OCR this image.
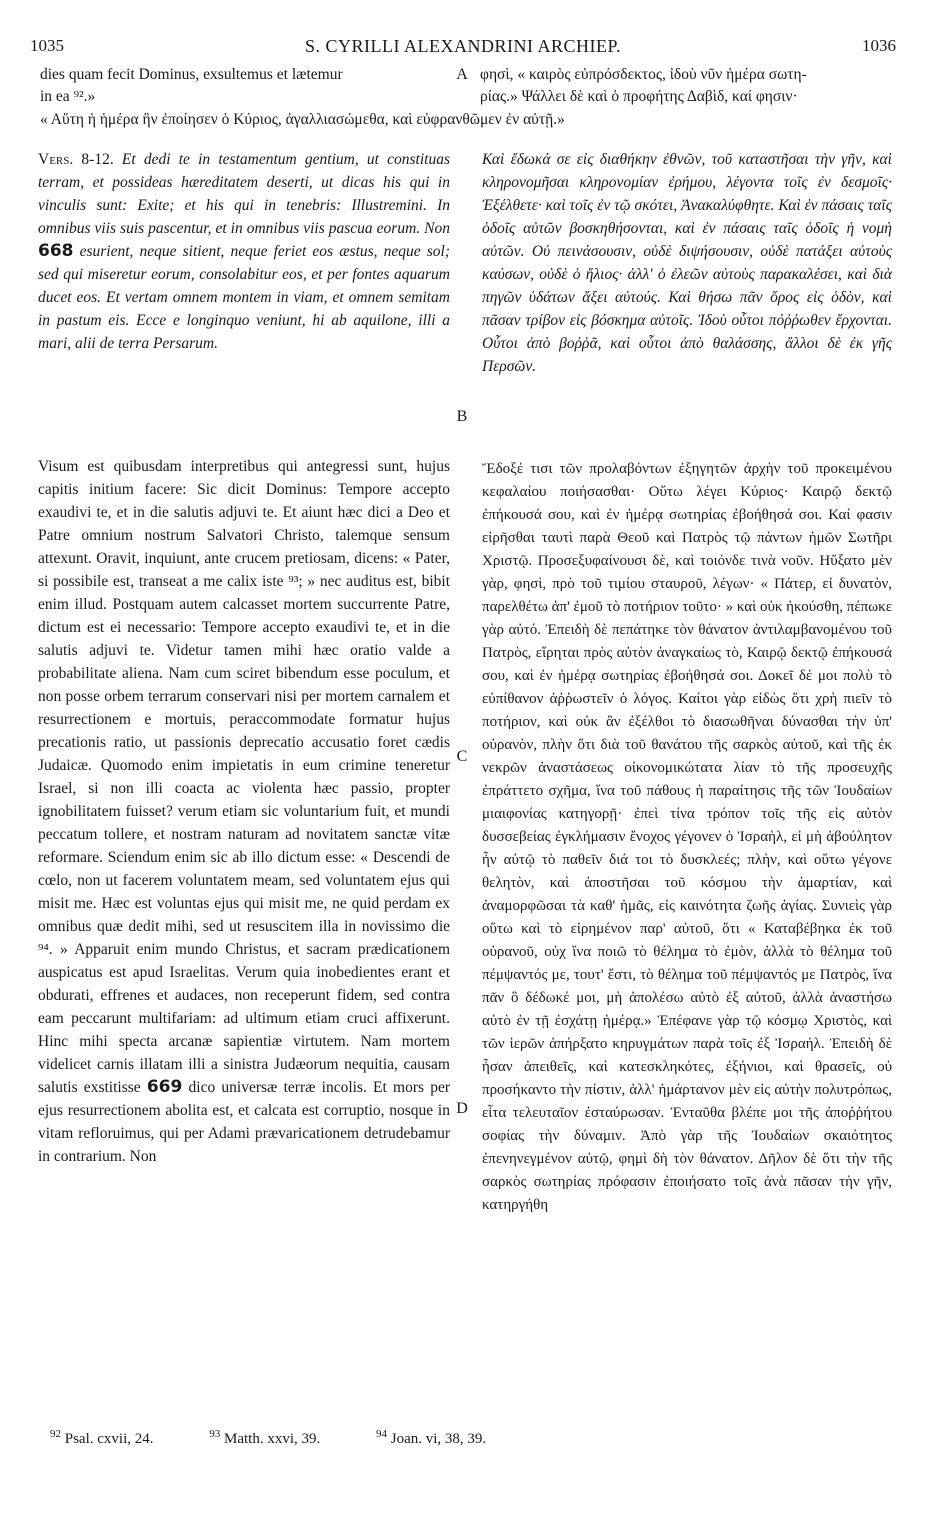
1035	S. CYRILLI ALEXANDRINI ARCHIEP.	1036
dies quam fecit Dominus, exsultemus et lætemur
in ea ⁹².»
φησὶ, « καιρὸς εὐπρόσδεκτος, ἰδοὺ νῦν ἡμέρα σωτη-
ρίας.» Ψάλλει δὲ καὶ ὁ προφήτης Δαβὶδ, καί φησιν·
« Αὕτη ἡ ἡμέρα ἣν ἐποίησεν ὁ Κύριος, ἀγαλλιασώμεθα, καὶ εὐφρανθῶμεν ἐν αὐτῇ.»
A
B
C
D

Vers. 8-12. Et dedi te in testamentum gentium, ut constituas terram, et possideas hæreditatem deserti, ut dicas his qui in vinculis sunt: Exite; et his qui in tenebris: Illustremini. In omnibus viis suis pascentur, et in omnibus viis pascua eorum. Non 668 esurient, neque sitient, neque feriet eos æstus, neque sol; sed qui miseretur eorum, consolabitur eos, et per fontes aquarum ducet eos. Et vertam omnem montem in viam, et omnem semitam in pastum eis. Ecce e longinquo veniunt, hi ab aquilone, illi a mari, alii de terra Persarum.

Visum est quibusdam interpretibus qui antegressi sunt, hujus capitis initium facere: Sic dicit Dominus: Tempore accepto exaudivi te, et in die salutis adjuvi te. Et aiunt hæc dici a Deo et Patre omnium nostrum Salvatori Christo, talemque sensum attexunt. Oravit, inquiunt, ante crucem pretiosam, dicens: « Pater, si possibile est, transeat a me calix iste ⁹³; » nec auditus est, bibit enim illud. Postquam autem calcasset mortem succurrente Patre, dictum est ei necessario: Tempore accepto exaudivi te, et in die salutis adjuvi te. Videtur tamen mihi hæc oratio valde a probabilitate aliena. Nam cum sciret bibendum esse poculum, et non posse orbem terrarum conservari nisi per mortem carnalem et resurrectionem e mortuis, peraccommodate formatur hujus precationis ratio, ut passionis deprecatio accusatio foret cædis Judaicæ. Quomodo enim impietatis in eum crimine teneretur Israel, si non illi coacta ac violenta hæc passio, propter ignobilitatem fuisset? verum etiam sic voluntarium fuit, et mundi peccatum tollere, et nostram naturam ad novitatem sanctæ vitæ reformare. Sciendum enim sic ab illo dictum esse: « Descendi de cœlo, non ut facerem voluntatem meam, sed voluntatem ejus qui misit me. Hæc est voluntas ejus qui misit me, ne quid perdam ex omnibus quæ dedit mihi, sed ut resuscitem illa in novissimo die ⁹⁴. » Apparuit enim mundo Christus, et sacram prædicationem auspicatus est apud Israelitas. Verum quia inobedientes erant et obdurati, effrenes et audaces, non receperunt fidem, sed contra eam peccarunt multifariam: ad ultimum etiam cruci affixerunt. Hinc mihi specta arcanæ sapientiæ virtutem. Nam mortem videlicet carnis illatam illi a sinistra Judæorum nequitia, causam salutis exstitisse 669 dico universæ terræ incolis. Et mors per ejus resurrectionem abolita est, et calcata est corruptio, nosque in vitam refloruimus, qui per Adami prævaricationem detrudebamur in contrarium. Non

Καὶ ἔδωκά σε εἰς διαθήκην ἐθνῶν, τοῦ καταστῆσαι τὴν γῆν, καὶ κληρονομῆσαι κληρονομίαν ἐρήμου, λέγοντα τοῖς ἐν δεσμοῖς· Ἐξέλθετε· καὶ τοῖς ἐν τῷ σκότει, Ἀνακαλύφθητε. Καὶ ἐν πάσαις ταῖς ὁδοῖς αὐτῶν βοσκηθήσονται, καὶ ἐν πάσαις ταῖς ὁδοῖς ἡ νομὴ αὐτῶν. Οὐ πεινάσουσιν, οὐδὲ διψήσουσιν, οὐδὲ πατάξει αὐτοὺς καύσων, οὐδὲ ὁ ἥλιος· ἀλλ' ὁ ἐλεῶν αὐτοὺς παρακαλέσει, καὶ διὰ πηγῶν ὑδάτων ἄξει αὐτούς. Καὶ θήσω πᾶν ὄρος εἰς ὁδὸν, καὶ πᾶσαν τρίβον εἰς βόσκημα αὐτοῖς. Ἰδοὺ οὗτοι πόῤῥωθεν ἔρχονται. Οὗτοι ἀπὸ βοῤῥᾶ, καὶ οὗτοι ἀπὸ θαλάσσης, ἄλλοι δὲ ἐκ γῆς Περσῶν.

Ἔδοξέ τισι τῶν προλαβόντων ἐξηγητῶν ἀρχὴν τοῦ προκειμένου κεφαλαίου ποιήσασθαι· Οὕτω λέγει Κύριος· Καιρῷ δεκτῷ ἐπήκουσά σου, καὶ ἐν ἡμέρᾳ σωτηρίας ἐβοήθησά σοι. Καί φασιν εἰρῆσθαι ταυτὶ παρὰ Θεοῦ καὶ Πατρὸς τῷ πάντων ἡμῶν Σωτῆρι Χριστῷ. Προσεξυφαίνουσι δὲ, καὶ τοιόνδε τινὰ νοῦν. Ηὔξατο μὲν γὰρ, φησὶ, πρὸ τοῦ τιμίου σταυροῦ, λέγων· « Πάτερ, εἰ δυνατὸν, παρελθέτω ἀπ' ἐμοῦ τὸ ποτήριον τοῦτο· » καὶ οὐκ ἠκούσθη, πέπωκε γὰρ αὐτό. Ἐπειδὴ δὲ πεπάτηκε τὸν θάνατον ἀντιλαμβανομένου τοῦ Πατρὸς, εἴρηται πρὸς αὐτὸν ἀναγκαίως τὸ, Καιρῷ δεκτῷ ἐπήκουσά σου, καὶ ἐν ἡμέρᾳ σωτηρίας ἐβοήθησά σοι. Δοκεῖ δέ μοι πολὺ τὸ εὐπίθανον ἀῤῥωστεῖν ὁ λόγος. Καίτοι γὰρ εἰδὼς ὅτι χρὴ πιεῖν τὸ ποτήριον, καὶ οὐκ ἂν ἐξέλθοι τὸ διασωθῆναι δύνασθαι τὴν ὑπ' οὐρανὸν, πλὴν ὅτι διὰ τοῦ θανάτου τῆς σαρκὸς αὐτοῦ, καὶ τῆς ἐκ νεκρῶν ἀναστάσεως οἰκονομικώτατα λίαν τὸ τῆς προσευχῆς ἐπράττετο σχῆμα, ἵνα τοῦ πάθους ἡ παραίτησις τῆς τῶν Ἰουδαίων μιαιφονίας κατηγορῇ· ἐπεὶ τίνα τρόπον τοῖς τῆς εἰς αὐτὸν δυσσεβείας ἐγκλήμασιν ἔνοχος γέγονεν ὁ Ἰσραὴλ, εἰ μὴ ἀβούλητον ἦν αὐτῷ τὸ παθεῖν διά τοι τὸ δυσκλεές; πλὴν, καὶ οὕτω γέγονε θελητὸν, καὶ ἀποστῆσαι τοῦ κόσμου τὴν ἁμαρτίαν, καὶ ἀναμορφῶσαι τὰ καθ' ἡμᾶς, εἰς καινότητα ζωῆς ἁγίας. Συνιεὶς γὰρ οὕτω καὶ τὸ εἰρημένον παρ' αὐτοῦ, ὅτι « Καταβέβηκα ἐκ τοῦ οὐρανοῦ, οὐχ ἵνα ποιῶ τὸ θέλημα τὸ ἐμὸν, ἀλλὰ τὸ θέλημα τοῦ πέμψαντός με, τουτ' ἔστι, τὸ θέλημα τοῦ πέμψαντός με Πατρὸς, ἵνα πᾶν ὃ δέδωκέ μοι, μὴ ἀπολέσω αὐτὸ ἐξ αὐτοῦ, ἀλλὰ ἀναστήσω αὐτὸ ἐν τῇ ἐσχάτῃ ἡμέρᾳ.» Ἐπέφανε γὰρ τῷ κόσμῳ Χριστὸς, καὶ τῶν ἱερῶν ἀπήρξατο κηρυγμάτων παρὰ τοῖς ἐξ Ἰσραήλ. Ἐπειδὴ δὲ ἦσαν ἀπειθεῖς, καὶ κατεσκληκότες, ἐξήνιοι, καὶ θρασεῖς, οὐ προσήκαντο τὴν πίστιν, ἀλλ' ἡμάρτανον μὲν εἰς αὐτὴν πολυτρόπως, εἶτα τελευταῖον ἐσταύρωσαν. Ἐνταῦθα βλέπε μοι τῆς ἀποῤῥήτου σοφίας τὴν δύναμιν. Ἀπὸ γὰρ τῆς Ἰουδαίων σκαιότητος ἐπενηνεγμένον αὐτῷ, φημὶ δὴ τὸν θάνατον. Δῆλον δὲ ὅτι τὴν τῆς σαρκὸς σωτηρίας πρόφασιν ἐποιήσατο τοῖς ἀνὰ πᾶσαν τὴν γῆν, κατηργήθη

$^{92}$ Psal. cxvii, 24.	$^{93}$ Matth. xxvi, 39.	$^{94}$ Joan. vi, 38, 39.
